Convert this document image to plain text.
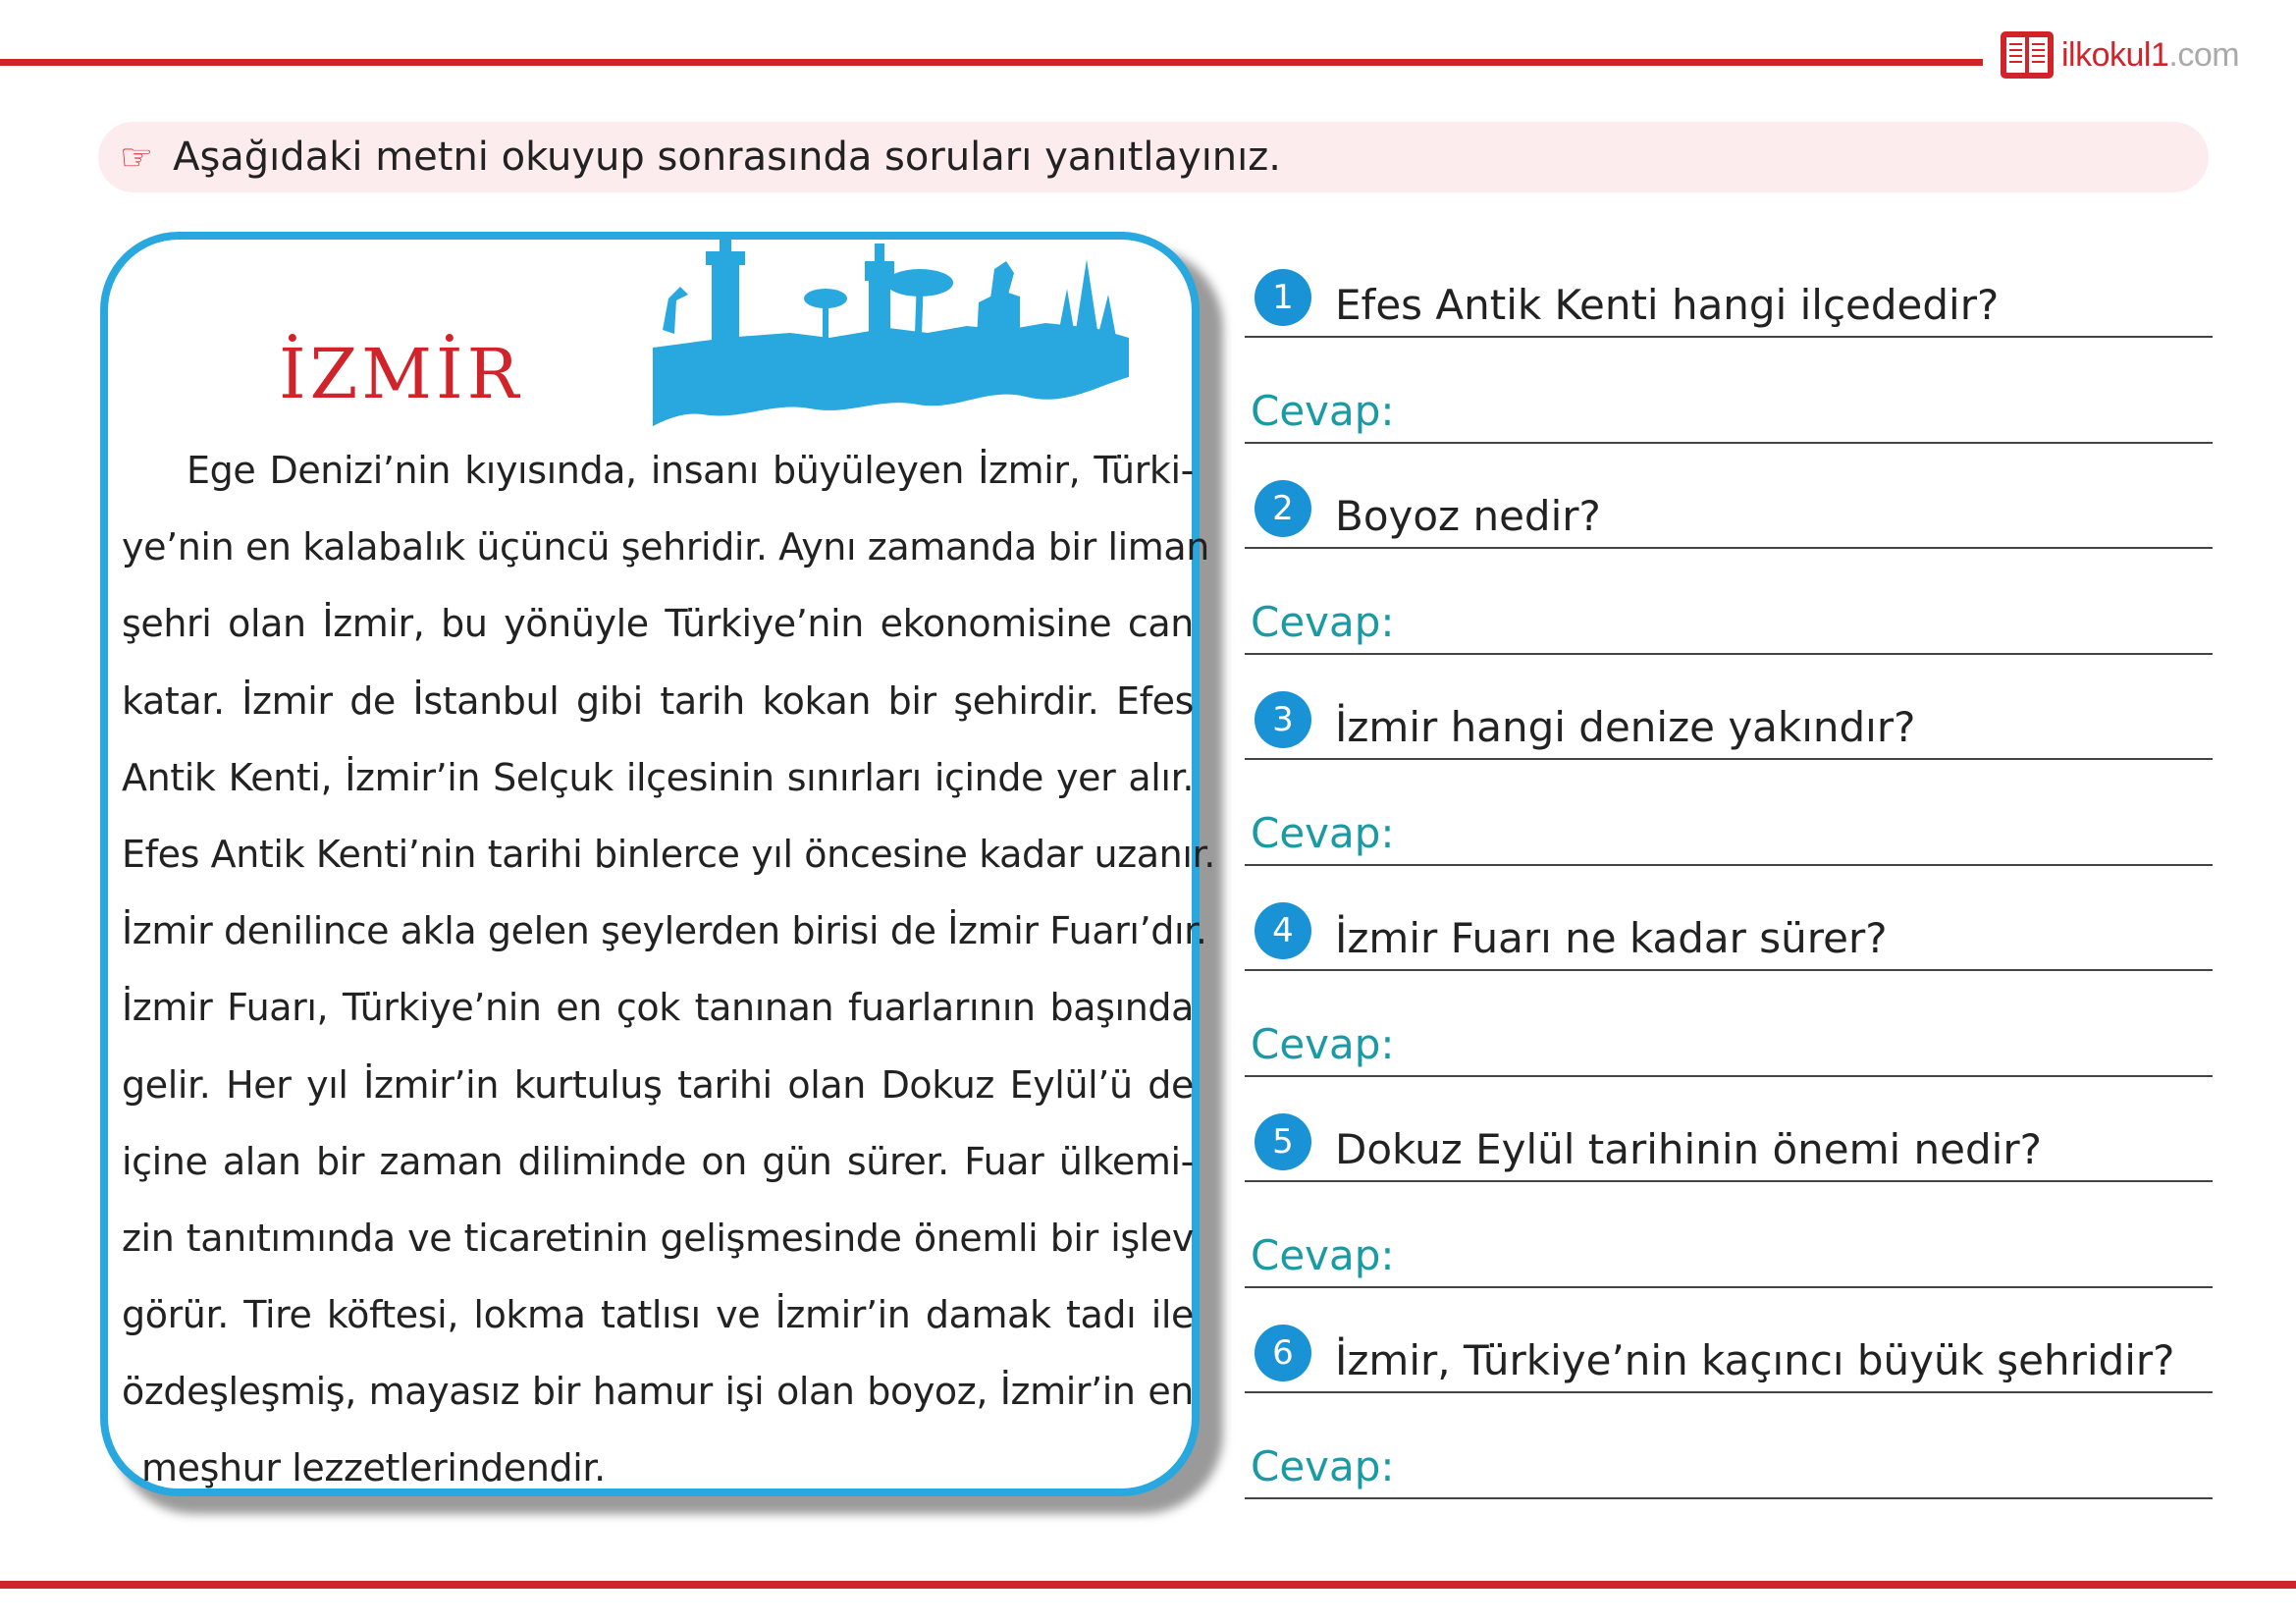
ilkokul1.com
☞ Aşağıdaki metni okuyup sonrasında soruları yanıtlayınız.
İZMİR
Ege Denizi’nin kıyısında, insanı büyüleyen İzmir, Türki-
ye’nin en kalabalık üçüncü şehridir. Aynı zamanda bir liman
şehri olan İzmir, bu yönüyle Türkiye’nin ekonomisine can
katar. İzmir de İstanbul gibi tarih kokan bir şehirdir. Efes
Antik Kenti, İzmir’in Selçuk ilçesinin sınırları içinde yer alır.
Efes Antik Kenti’nin tarihi binlerce yıl öncesine kadar uzanır.
İzmir denilince akla gelen şeylerden birisi de İzmir Fuarı’dır.
İzmir Fuarı, Türkiye’nin en çok tanınan fuarlarının başında
gelir. Her yıl İzmir’in kurtuluş tarihi olan Dokuz Eylül’ü de
içine alan bir zaman diliminde on gün sürer. Fuar ülkemi-
zin tanıtımında ve ticaretinin gelişmesinde önemli bir işlev
görür. Tire köftesi, lokma tatlısı ve İzmir’in damak tadı ile
özdeşleşmiş, mayasız bir hamur işi olan boyoz, İzmir’in en
meşhur lezzetlerindendir.
1	Efes Antik Kenti hangi ilçededir?
Cevap:
2	Boyoz nedir?
Cevap:
3	İzmir hangi denize yakındır?
Cevap:
4	İzmir Fuarı ne kadar sürer?
Cevap:
5	Dokuz Eylül tarihinin önemi nedir?
Cevap:
6	İzmir, Türkiye’nin kaçıncı büyük şehridir?
Cevap:
